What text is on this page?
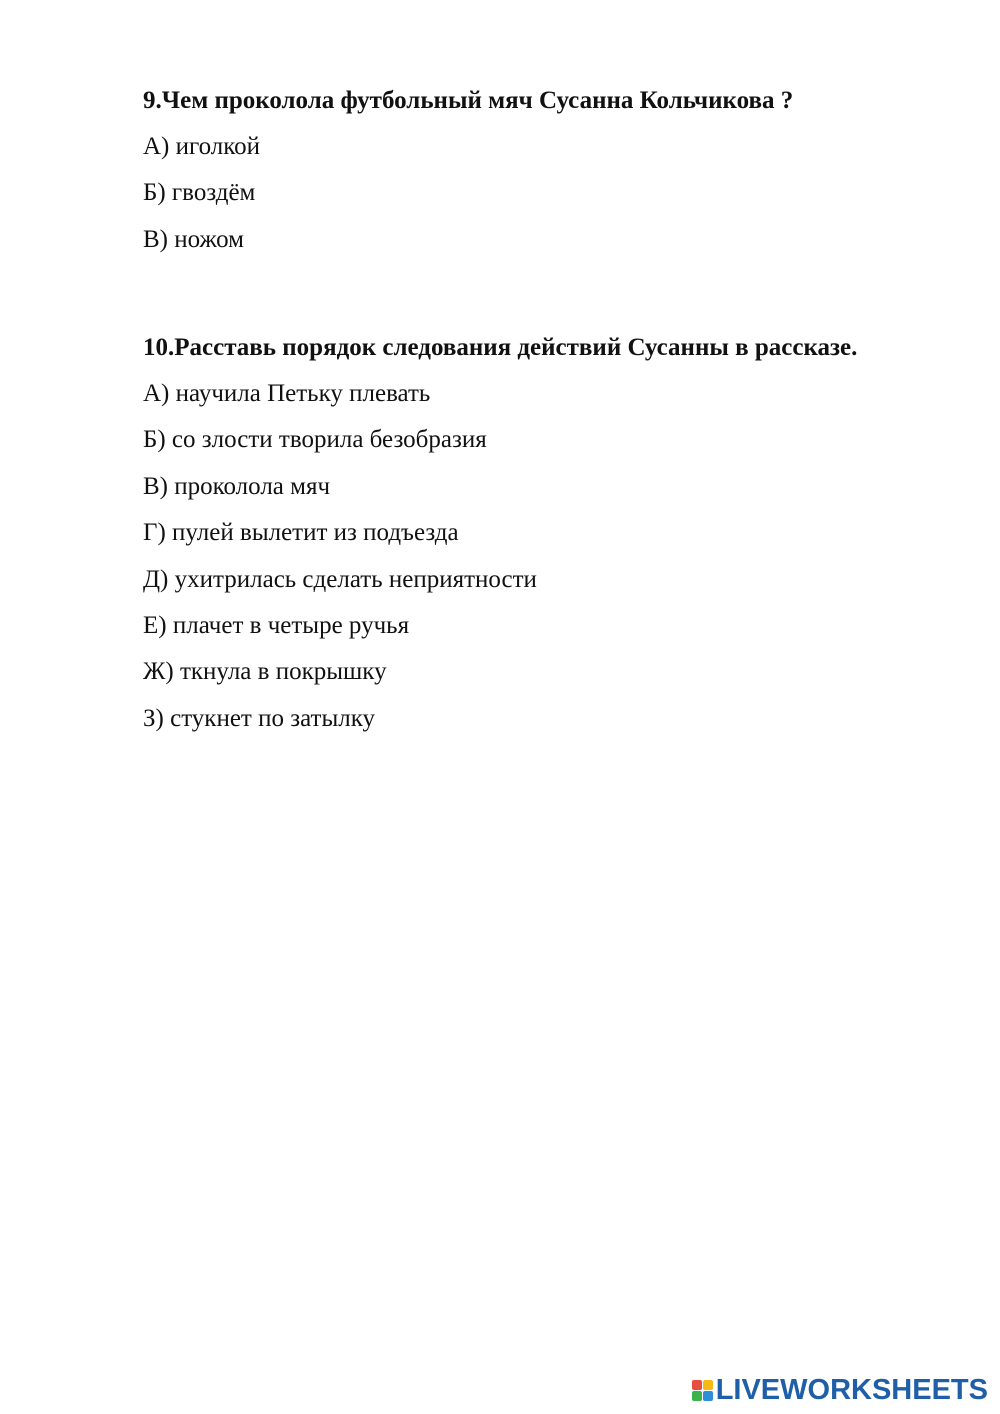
9.Чем проколола футбольный мяч Сусанна Кольчикова ?
А) иголкой
Б) гвоздём
В) ножом
10.Расставь порядок следования действий Сусанны в рассказе.
А) научила Петьку плевать
Б) со злости творила безобразия
В) проколола мяч
Г) пулей вылетит из подъезда
Д) ухитрилась сделать неприятности
Е) плачет в четыре ручья
Ж) ткнула в покрышку
З) стукнет по затылку
LIVEWORKSHEETS
